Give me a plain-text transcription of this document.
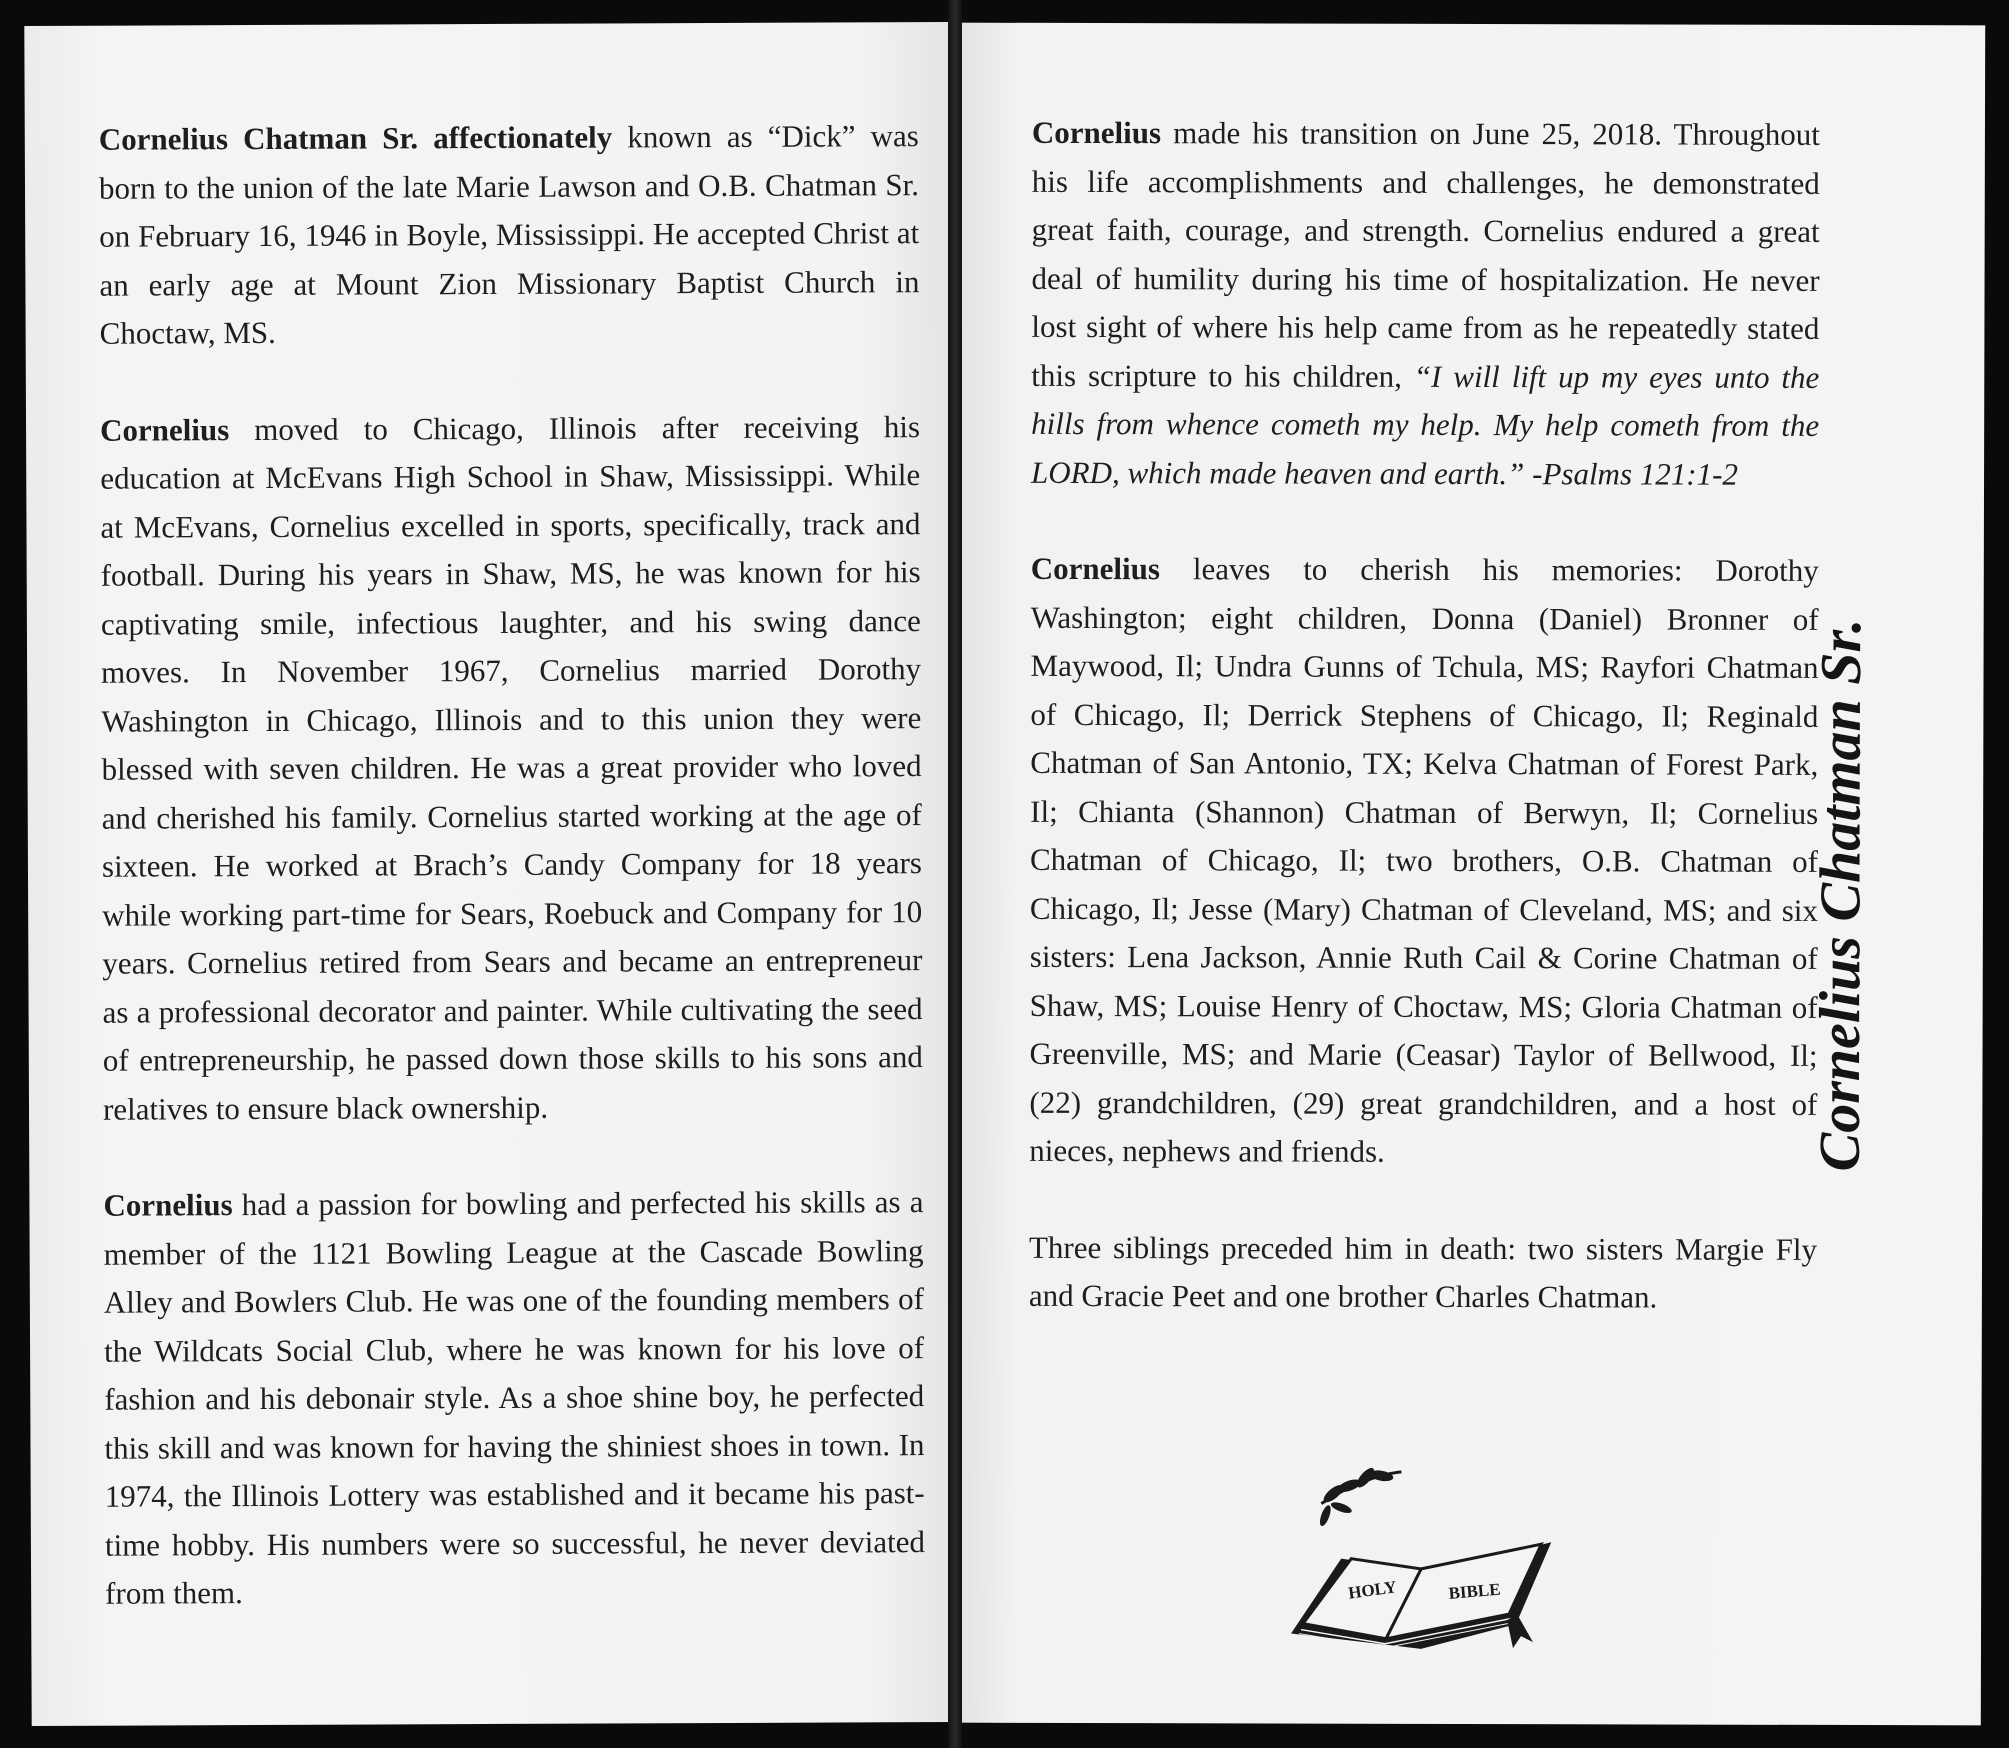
Cornelius Chatman Sr. affectionately known as “Dick” was born to the union of the late Marie Lawson and O.B. Chatman Sr. on February 16, 1946 in Boyle, Mississippi. He accepted Christ at an early age at Mount Zion Missionary Baptist Church in Choctaw, MS.

Cornelius moved to Chicago, Illinois after receiving his education at McEvans High School in Shaw, Mississippi. While at McEvans, Cornelius excelled in sports, specifically, track and football. During his years in Shaw, MS, he was known for his captivating smile, infectious laughter, and his swing dance moves. In November 1967, Cornelius married Dorothy Washington in Chicago, Illinois and to this union they were blessed with seven children. He was a great provider who loved and cherished his family. Cornelius started working at the age of sixteen. He worked at Brach’s Candy Company for 18 years while working part-time for Sears, Roebuck and Company for 10 years. Cornelius retired from Sears and became an entrepreneur as a professional decorator and painter. While cultivating the seed of entrepreneurship, he passed down those skills to his sons and relatives to ensure black ownership.

Cornelius had a passion for bowling and perfected his skills as a member of the 1121 Bowling League at the Cascade Bowling Alley and Bowlers Club. He was one of the founding members of the Wildcats Social Club, where he was known for his love of fashion and his debonair style. As a shoe shine boy, he perfected this skill and was known for having the shiniest shoes in town. In 1974, the Illinois Lottery was established and it became his past-time hobby. His numbers were so successful, he never deviated from them.

Cornelius made his transition on June 25, 2018. Throughout his life accomplishments and challenges, he demonstrated great faith, courage, and strength. Cornelius endured a great deal of humility during his time of hospitalization. He never lost sight of where his help came from as he repeatedly stated this scripture to his children, “I will lift up my eyes unto the hills from whence cometh my help. My help cometh from the LORD, which made heaven and earth.” -Psalms 121:1-2

Cornelius leaves to cherish his memories: Dorothy Washington; eight children, Donna (Daniel) Bronner of Maywood, Il; Undra Gunns of Tchula, MS; Rayfori Chatman of Chicago, Il; Derrick Stephens of Chicago, Il; Reginald Chatman of San Antonio, TX; Kelva Chatman of Forest Park, Il; Chianta (Shannon) Chatman of Berwyn, Il; Cornelius Chatman of Chicago, Il; two brothers, O.B. Chatman of Chicago, Il; Jesse (Mary) Chatman of Cleveland, MS; and six sisters: Lena Jackson, Annie Ruth Cail & Corine Chatman of Shaw, MS; Louise Henry of Choctaw, MS; Gloria Chatman of Greenville, MS; and Marie (Ceasar) Taylor of Bellwood, Il; (22) grandchildren, (29) great grandchildren, and a host of nieces, nephews and friends.

Three siblings preceded him in death: two sisters Margie Fly and Gracie Peet and one brother Charles Chatman.

Cornelius Chatman Sr.
HOLY	BIBLE
